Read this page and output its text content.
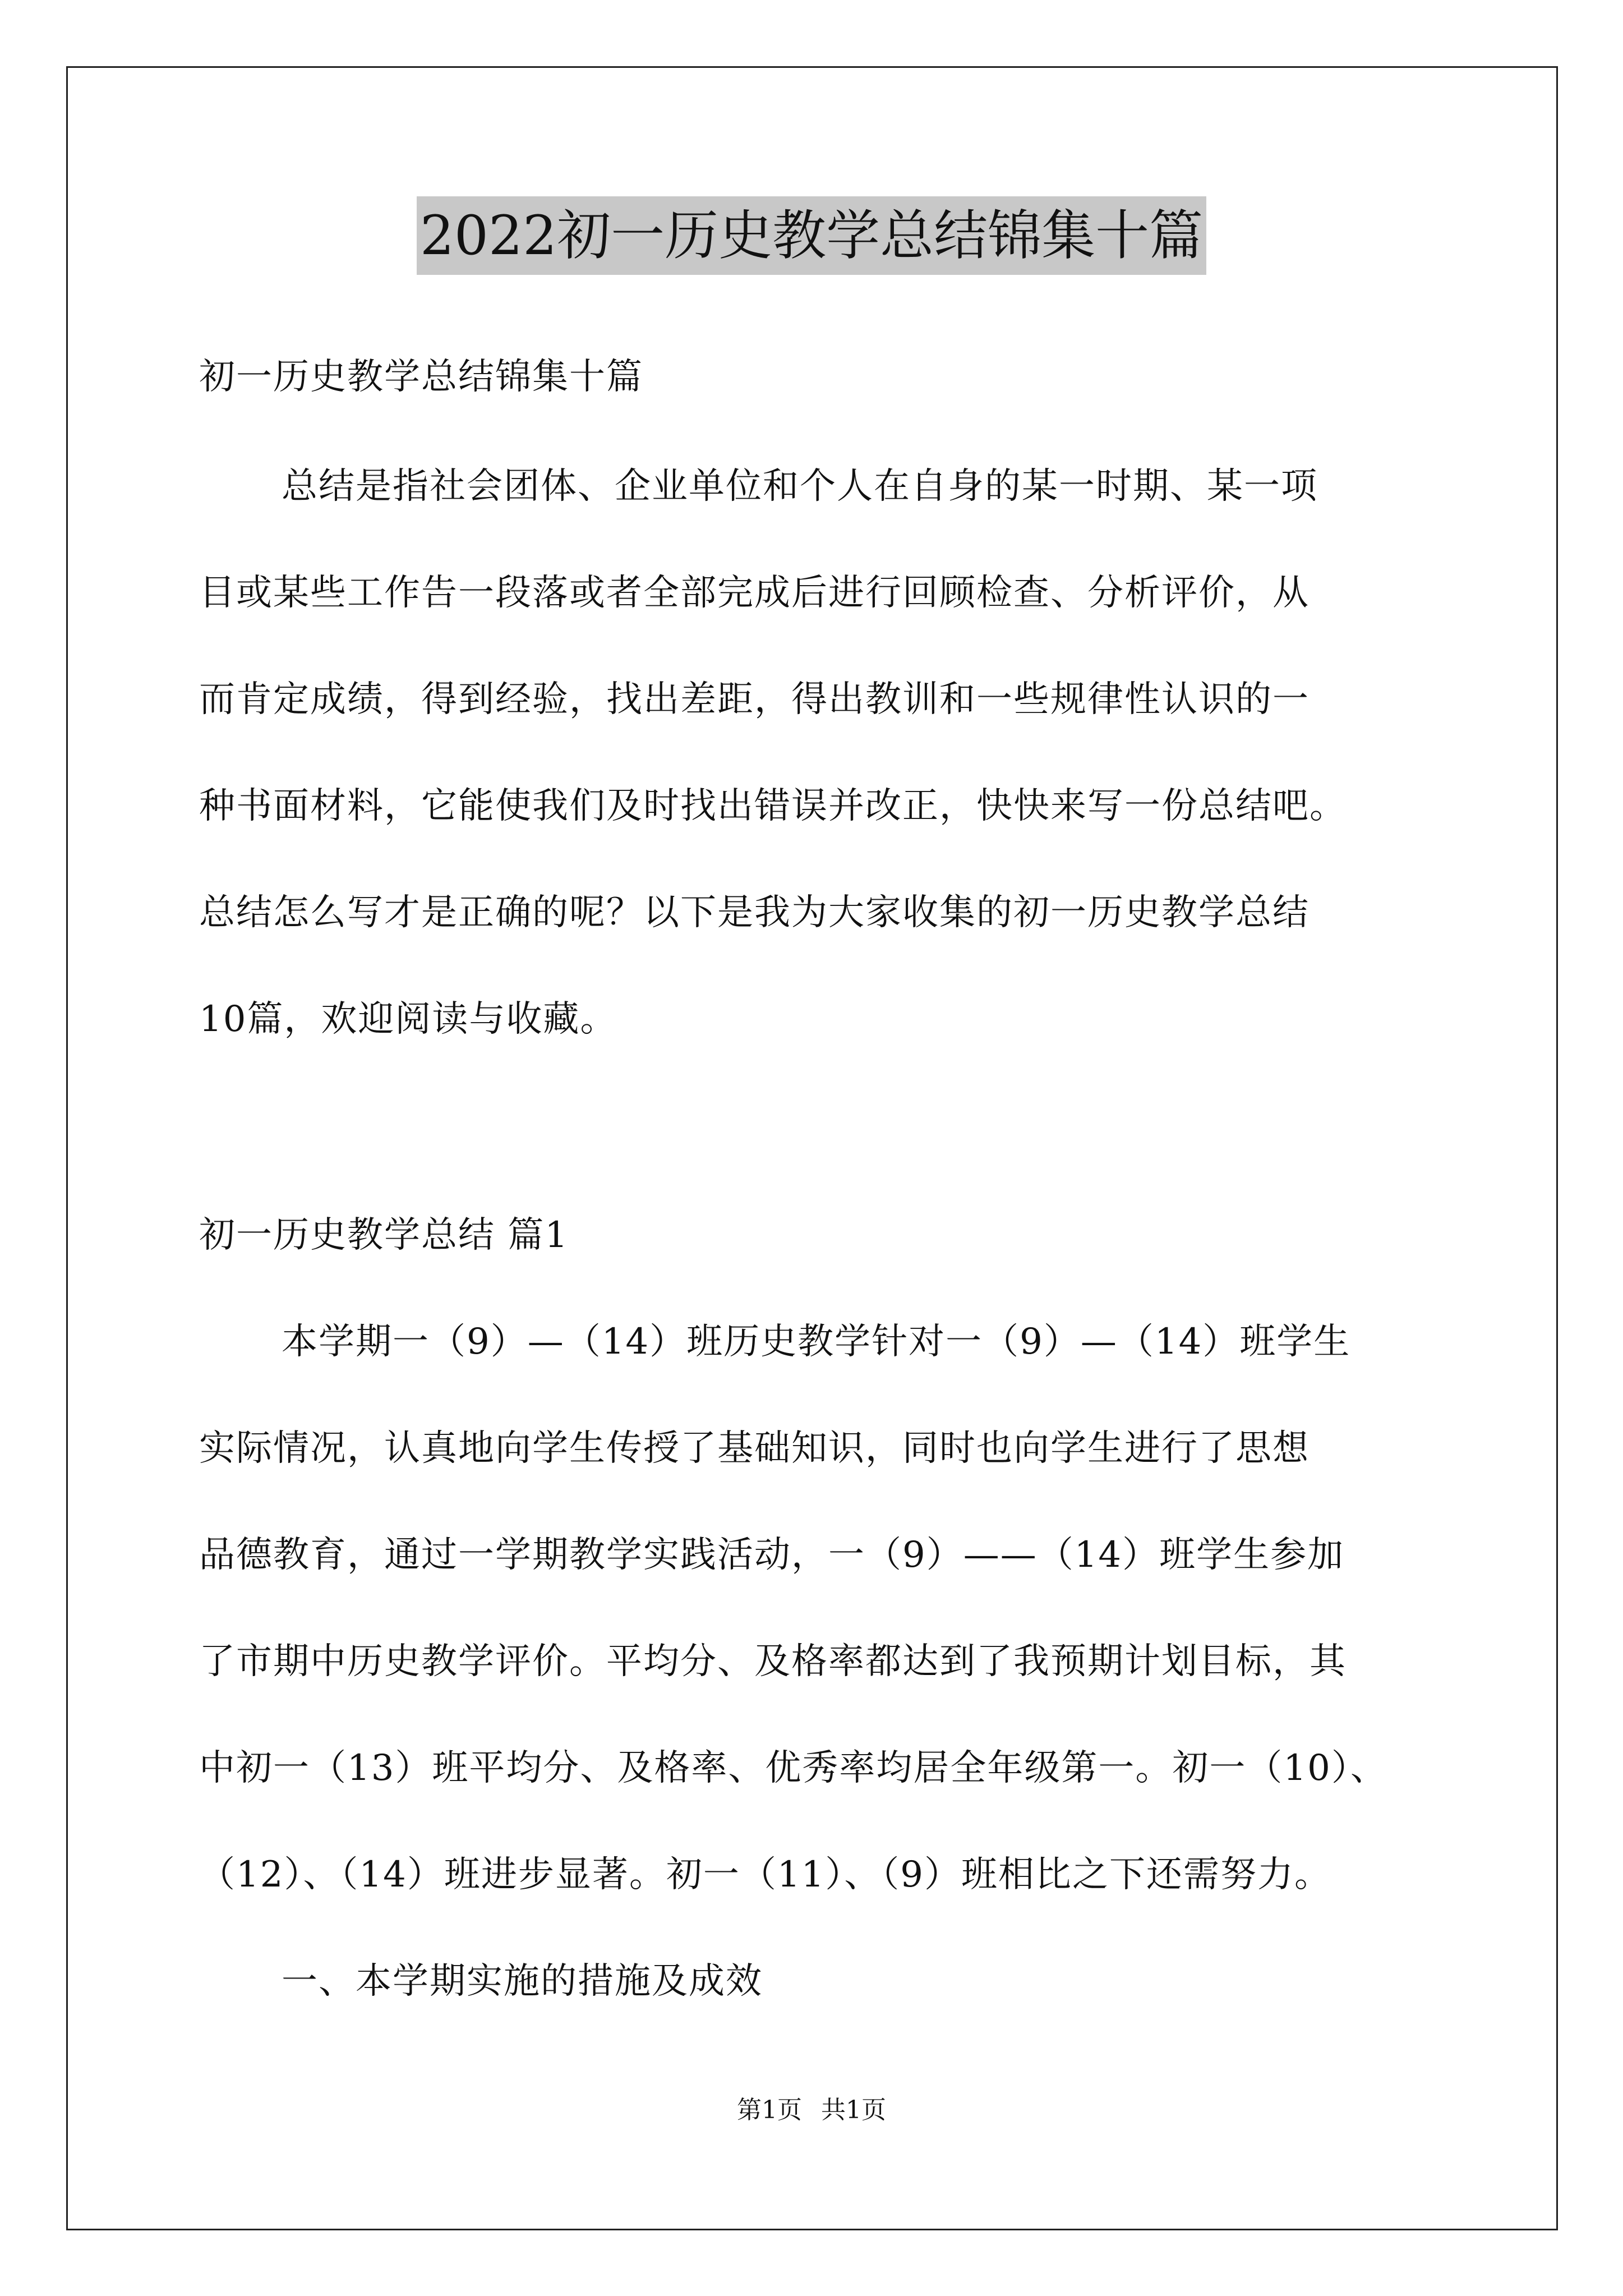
2022初一历史教学总结锦集十篇
初一历史教学总结锦集十篇
总结是指社会团体、企业单位和个人在自身的某一时期、某一项
目或某些工作告一段落或者全部完成后进行回顾检查、分析评价，从
而肯定成绩，得到经验，找出差距，得出教训和一些规律性认识的一
种书面材料，它能使我们及时找出错误并改正，快快来写一份总结吧。
总结怎么写才是正确的呢？以下是我为大家收集的初一历史教学总结
10篇，欢迎阅读与收藏。
初一历史教学总结 篇1
本学期一（9）—（14）班历史教学针对一（9）—（14）班学生
实际情况，认真地向学生传授了基础知识，同时也向学生进行了思想
品德教育，通过一学期教学实践活动，一（9）——（14）班学生参加
了市期中历史教学评价。平均分、及格率都达到了我预期计划目标，其
中初一（13）班平均分、及格率、优秀率均居全年级第一。初一（10）、
（12）、（14）班进步显著。初一（11）、（9）班相比之下还需努力。
一、本学期实施的措施及成效
第1页 共1页
